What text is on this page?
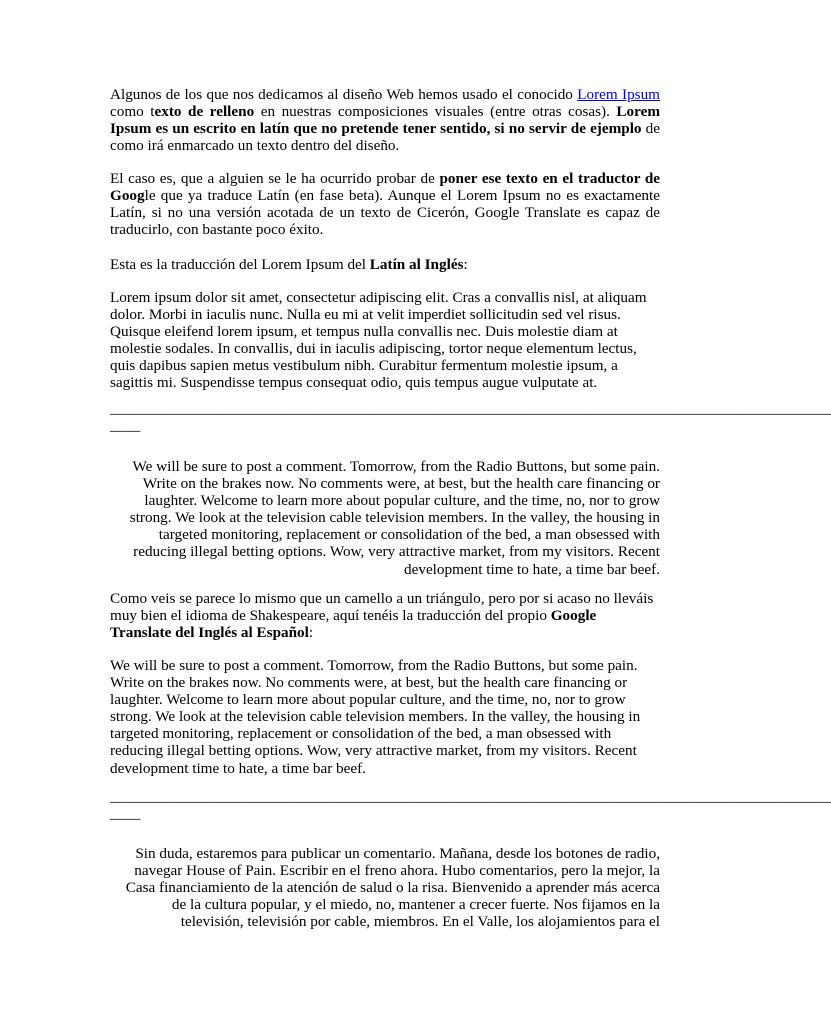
Algunos de los que nos dedicamos al diseño Web hemos usado el conocido Lorem Ipsum como texto de relleno en nuestras composiciones visuales (entre otras cosas). Lorem Ipsum es un escrito en latín que no pretende tener sentido, si no servir de ejemplo de como irá enmarcado un texto dentro del diseño.

El caso es, que a alguien se le ha ocurrido probar de poner ese texto en el traductor de Google que ya traduce Latín (en fase beta). Aunque el Lorem Ipsum no es exactamente Latín, si no una versión acotada de un texto de Cicerón, Google Translate es capaz de traducirlo, con bastante poco éxito.

Esta es la traducción del Lorem Ipsum del Latín al Inglés:

Lorem ipsum dolor sit amet, consectetur adipiscing elit. Cras a convallis nisl, at aliquam dolor. Morbi in iaculis nunc. Nulla eu mi at velit imperdiet sollicitudin sed vel risus. Quisque eleifend lorem ipsum, et tempus nulla convallis nec. Duis molestie diam at molestie sodales. In convallis, dui in iaculis adipiscing, tortor neque elementum lectus, quis dapibus sapien metus vestibulum nibh. Curabitur fermentum molestie ipsum, a sagittis mi. Suspendisse tempus consequat odio, quis tempus augue vulputate at.

_______________________________________________________________________________________________
____
We will be sure to post a comment. Tomorrow, from the Radio Buttons, but some pain.
Write on the brakes now. No comments were, at best, but the health care financing or
laughter. Welcome to learn more about popular culture, and the time, no, nor to grow
strong. We look at the television cable television members. In the valley, the housing in
targeted monitoring, replacement or consolidation of the bed, a man obsessed with
reducing illegal betting options. Wow, very attractive market, from my visitors. Recent
development time to hate, a time bar beef.

Como veis se parece lo mismo que un camello a un triángulo, pero por si acaso no lleváis muy bien el idioma de Shakespeare, aquí tenéis la traducción del propio Google Translate del Inglés al Español:

We will be sure to post a comment. Tomorrow, from the Radio Buttons, but some pain. Write on the brakes now. No comments were, at best, but the health care financing or laughter. Welcome to learn more about popular culture, and the time, no, nor to grow strong. We look at the television cable television members. In the valley, the housing in targeted monitoring, replacement or consolidation of the bed, a man obsessed with reducing illegal betting options. Wow, very attractive market, from my visitors. Recent development time to hate, a time bar beef.

_______________________________________________________________________________________________
____
Sin duda, estaremos para publicar un comentario. Mañana, desde los botones de radio,
navegar House of Pain. Escribir en el freno ahora. Hubo comentarios, pero la mejor, la
Casa financiamiento de la atención de salud o la risa. Bienvenido a aprender más acerca
de la cultura popular, y el miedo, no, mantener a crecer fuerte. Nos fijamos en la
televisión, televisión por cable, miembros. En el Valle, los alojamientos para el
